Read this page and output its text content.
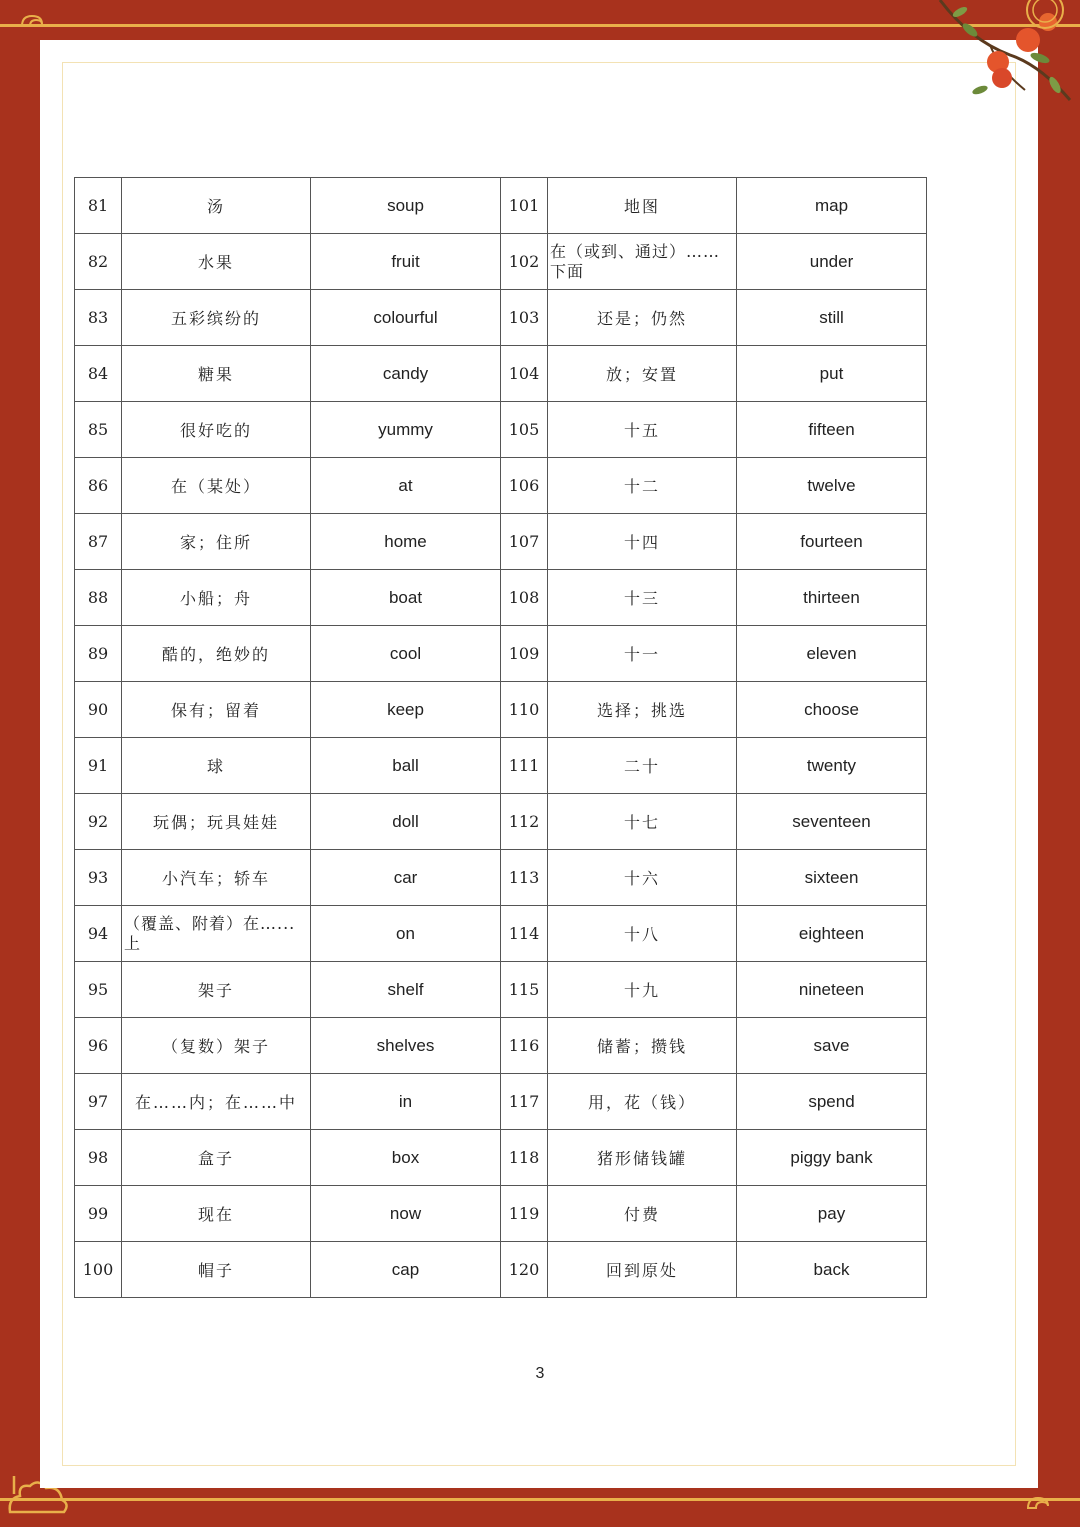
81	汤	soup	101	地图	map
82	水果	fruit	102	在（或到、通过）……下面	under
83	五彩缤纷的	colourful	103	还是；仍然	still
84	糖果	candy	104	放；安置	put
85	很好吃的	yummy	105	十五	fifteen
86	在（某处）	at	106	十二	twelve
87	家；住所	home	107	十四	fourteen
88	小船；舟	boat	108	十三	thirteen
89	酷的，绝妙的	cool	109	十一	eleven
90	保有；留着	keep	110	选择；挑选	choose
91	球	ball	111	二十	twenty
92	玩偶；玩具娃娃	doll	112	十七	seventeen
93	小汽车；轿车	car	113	十六	sixteen
94	（覆盖、附着）在…...上	on	114	十八	eighteen
95	架子	shelf	115	十九	nineteen
96	（复数）架子	shelves	116	储蓄；攒钱	save
97	在……内；在……中	in	117	用，花（钱）	spend
98	盒子	box	118	猪形储钱罐	piggy bank
99	现在	now	119	付费	pay
100	帽子	cap	120	回到原处	back
3
